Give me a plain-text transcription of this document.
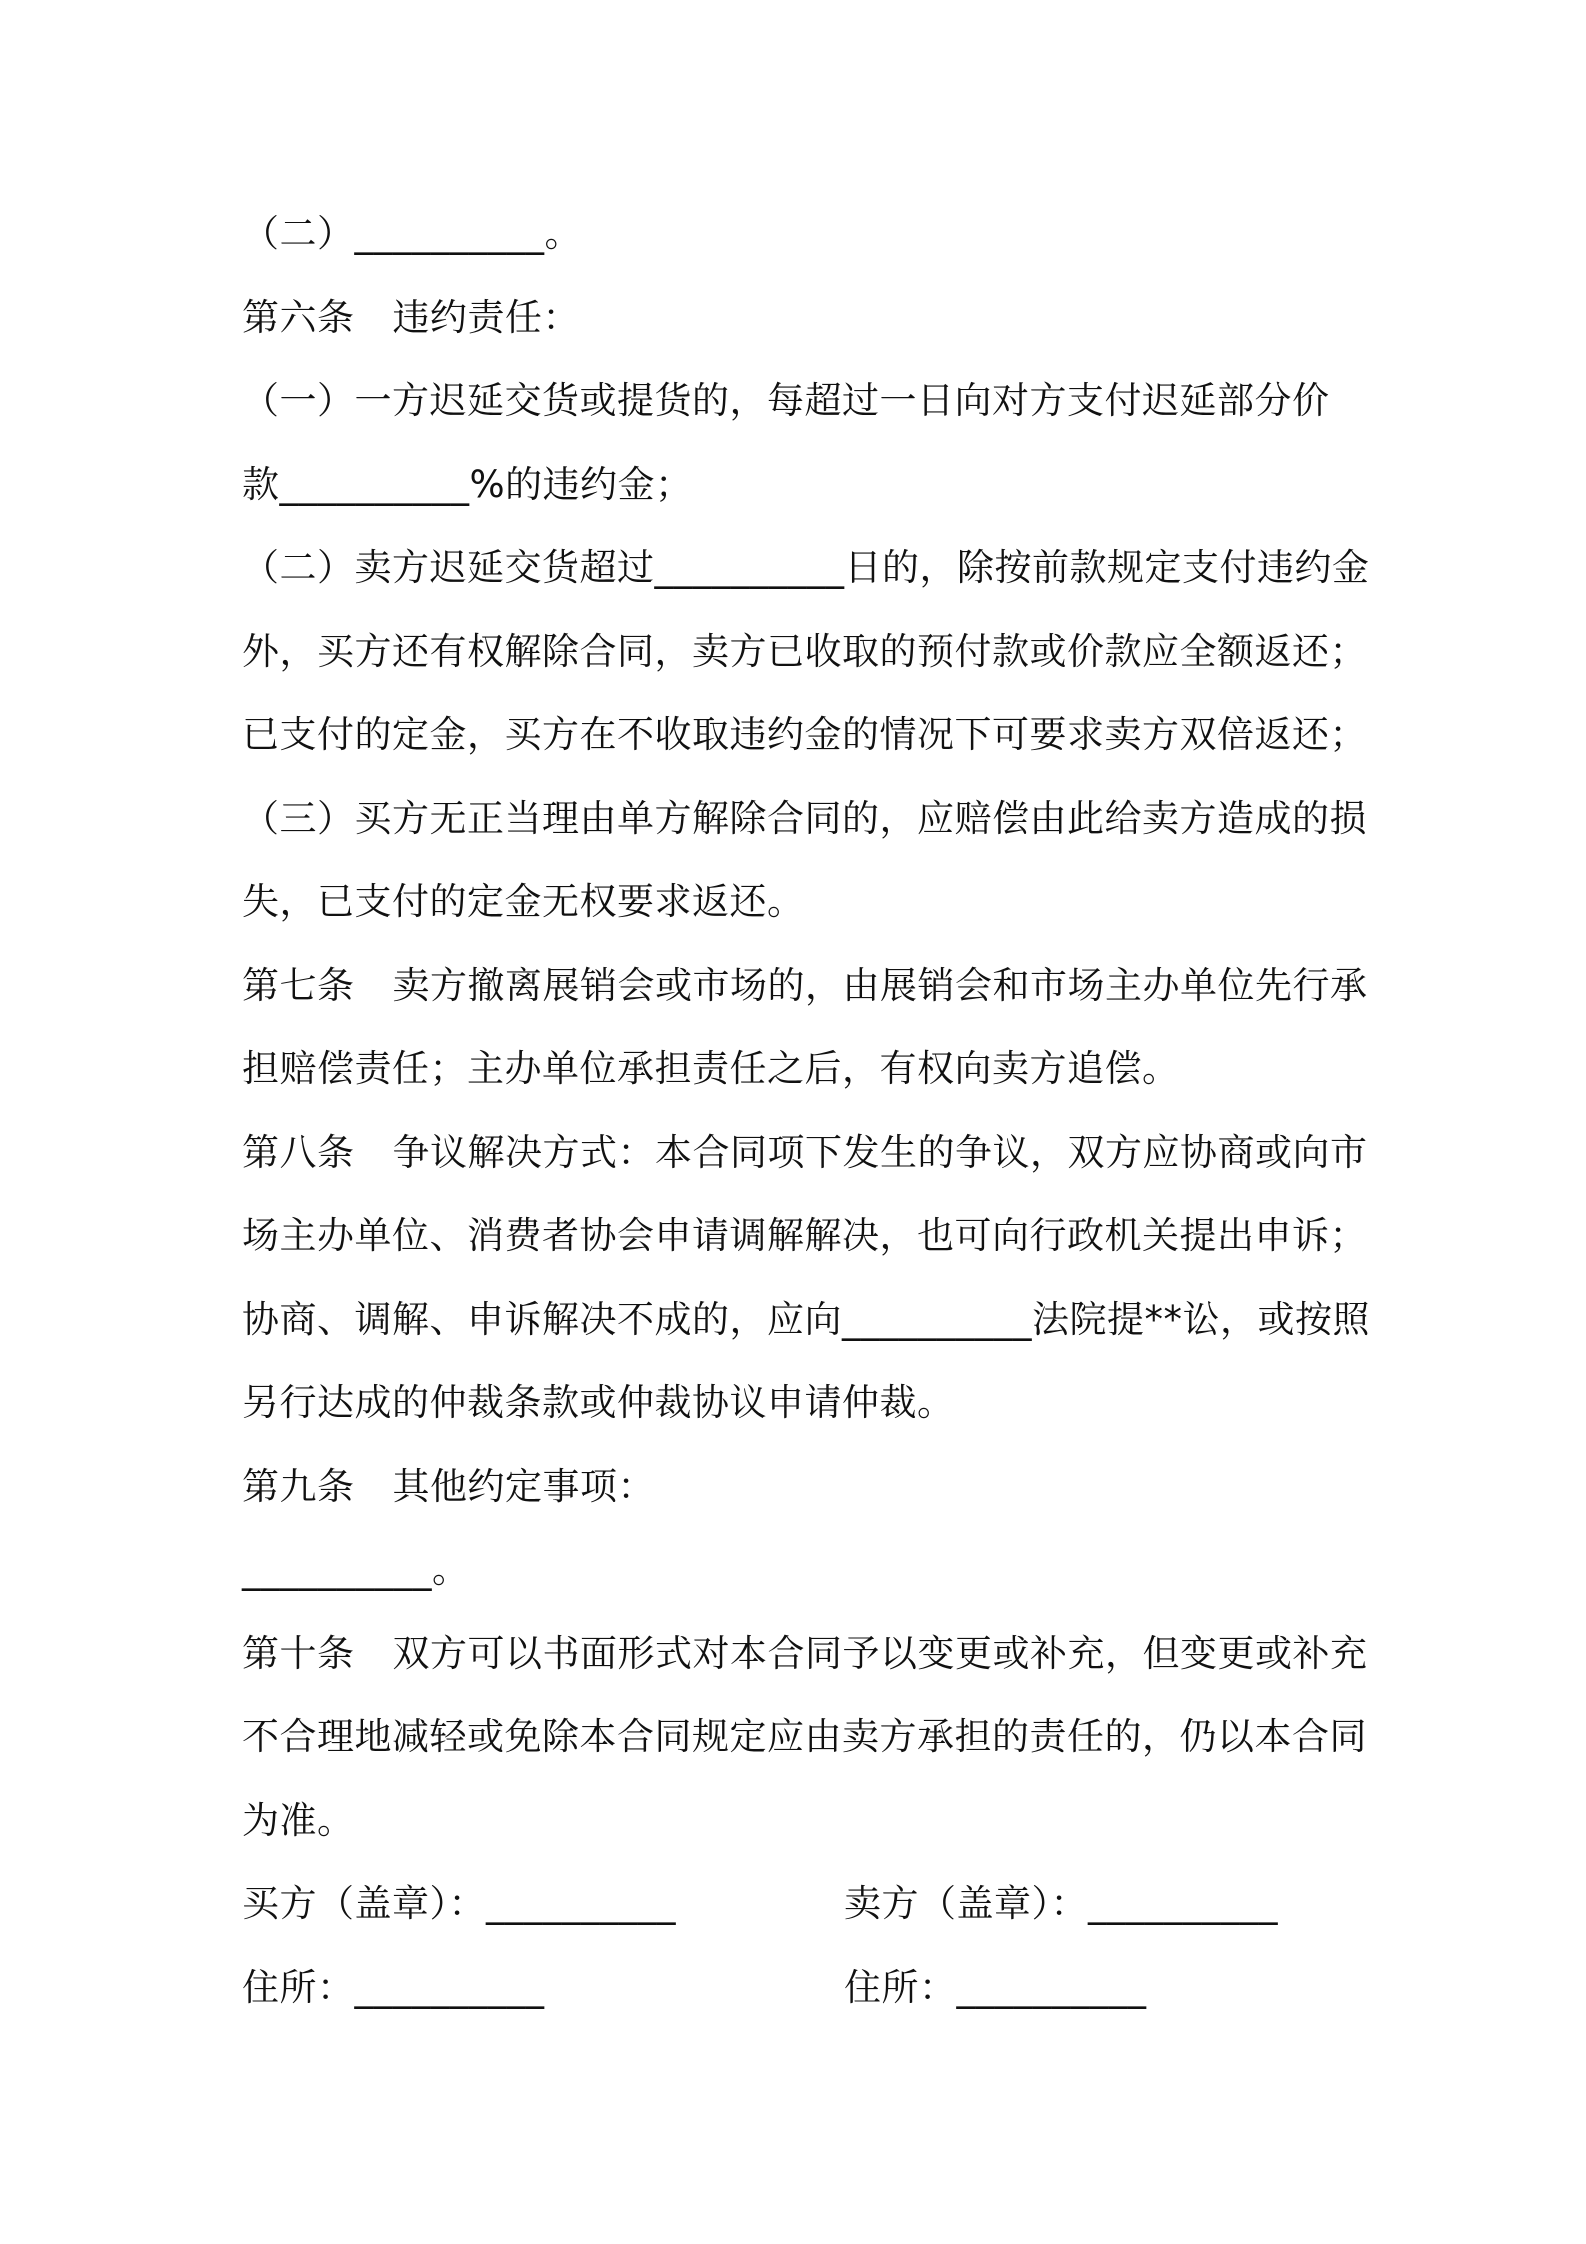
（二）__________。
第六条 违约责任：
（一）一方迟延交货或提货的，每超过一日向对方支付迟延部分价
款__________%的违约金；
（二）卖方迟延交货超过__________日的，除按前款规定支付违约金
外，买方还有权解除合同，卖方已收取的预付款或价款应全额返还；
已支付的定金，买方在不收取违约金的情况下可要求卖方双倍返还；
（三）买方无正当理由单方解除合同的，应赔偿由此给卖方造成的损
失，已支付的定金无权要求返还。
第七条 卖方撤离展销会或市场的，由展销会和市场主办单位先行承
担赔偿责任；主办单位承担责任之后，有权向卖方追偿。
第八条 争议解决方式：本合同项下发生的争议，双方应协商或向市
场主办单位、消费者协会申请调解解决，也可向行政机关提出申诉；
协商、调解、申诉解决不成的，应向__________法院提**讼，或按照
另行达成的仲裁条款或仲裁协议申请仲裁。
第九条 其他约定事项：
__________。
第十条 双方可以书面形式对本合同予以变更或补充，但变更或补充
不合理地减轻或免除本合同规定应由卖方承担的责任的，仍以本合同
为准。
买方（盖章）：__________	卖方（盖章）：__________
住所：__________	住所：__________
